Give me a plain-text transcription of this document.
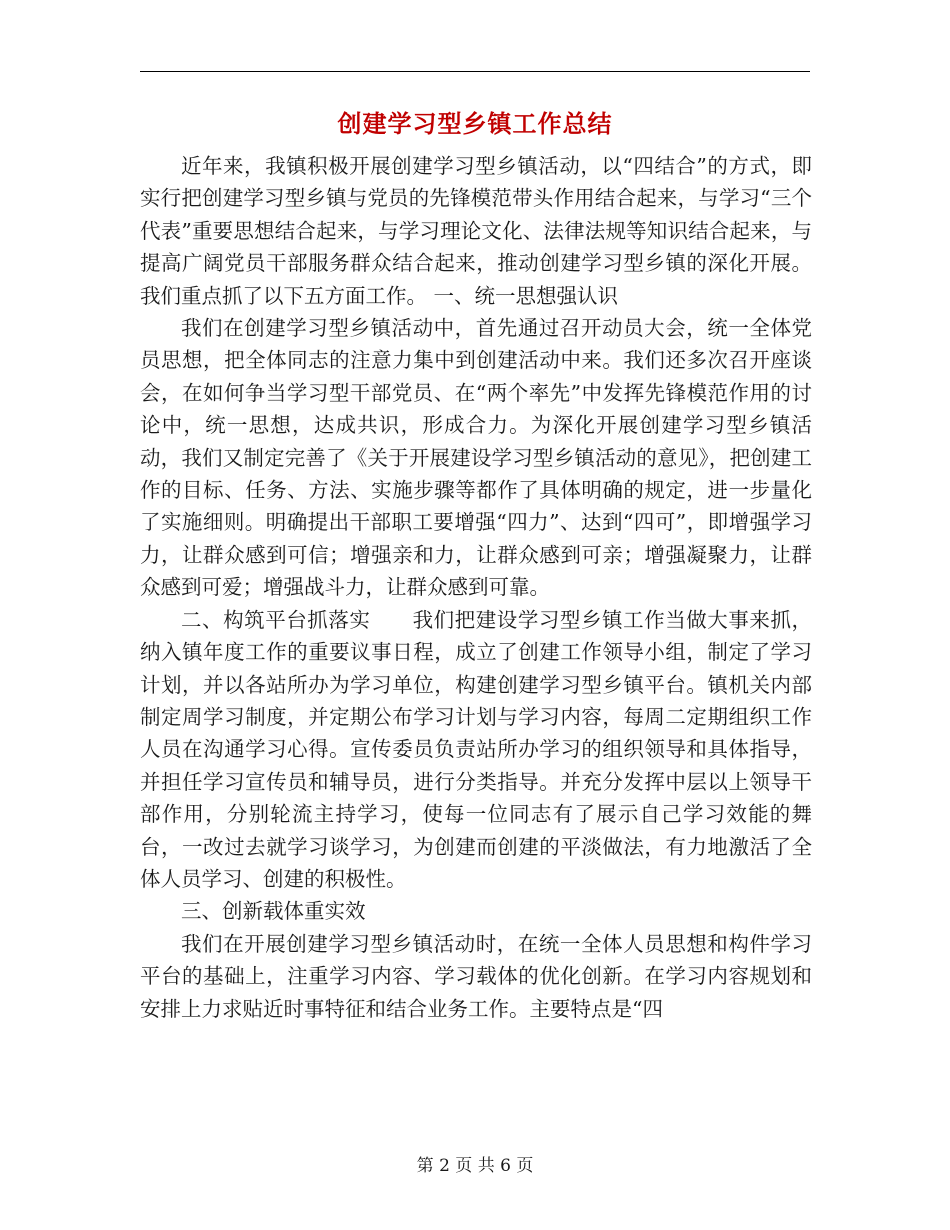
创建学习型乡镇工作总结

近年来，我镇积极开展创建学习型乡镇活动，以“四结合”的方式，即实行把创建学习型乡镇与党员的先锋模范带头作用结合起来，与学习“三个代表”重要思想结合起来，与学习理论文化、法律法规等知识结合起来，与提高广阔党员干部服务群众结合起来，推动创建学习型乡镇的深化开展。我们重点抓了以下五方面工作。 一、统一思想强认识

我们在创建学习型乡镇活动中，首先通过召开动员大会，统一全体党员思想，把全体同志的注意力集中到创建活动中来。我们还多次召开座谈会，在如何争当学习型干部党员、在“两个率先”中发挥先锋模范作用的讨论中，统一思想，达成共识，形成合力。为深化开展创建学习型乡镇活动，我们又制定完善了《关于开展建设学习型乡镇活动的意见》，把创建工作的目标、任务、方法、实施步骤等都作了具体明确的规定，进一步量化了实施细则。明确提出干部职工要增强“四力”、达到“四可”，即增强学习力，让群众感到可信；增强亲和力，让群众感到可亲；增强凝聚力，让群众感到可爱；增强战斗力，让群众感到可靠。

二、构筑平台抓落实　　我们把建设学习型乡镇工作当做大事来抓，纳入镇年度工作的重要议事日程，成立了创建工作领导小组，制定了学习计划，并以各站所办为学习单位，构建创建学习型乡镇平台。镇机关内部制定周学习制度，并定期公布学习计划与学习内容，每周二定期组织工作人员在沟通学习心得。宣传委员负责站所办学习的组织领导和具体指导，并担任学习宣传员和辅导员，进行分类指导。并充分发挥中层以上领导干部作用，分别轮流主持学习，使每一位同志有了展示自己学习效能的舞台，一改过去就学习谈学习，为创建而创建的平淡做法，有力地激活了全体人员学习、创建的积极性。

三、创新载体重实效

我们在开展创建学习型乡镇活动时，在统一全体人员思想和构件学习平台的基础上，注重学习内容、学习载体的优化创新。在学习内容规划和安排上力求贴近时事特征和结合业务工作。主要特点是“四

第 2 页 共 6 页
